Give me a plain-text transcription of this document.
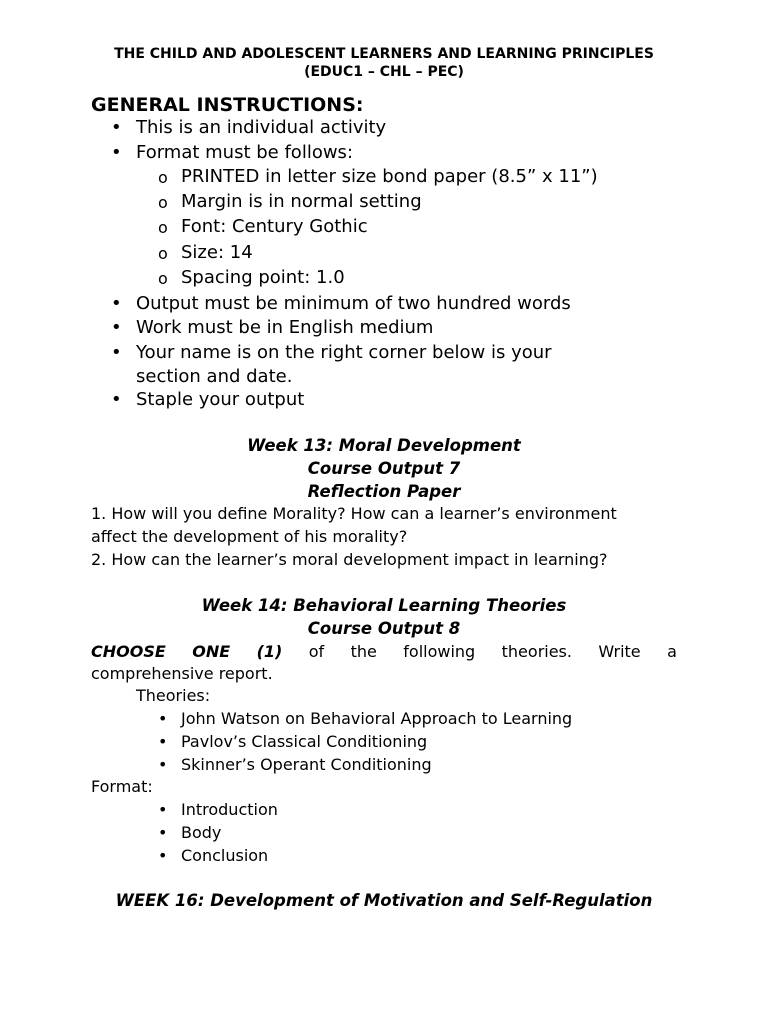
THE CHILD AND ADOLESCENT LEARNERS AND LEARNING PRINCIPLES
(EDUC1 – CHL – PEC)
GENERAL INSTRUCTIONS:
• This is an individual activity
• Format must be follows:
o PRINTED in letter size bond paper (8.5” x 11”)
o Margin is in normal setting
o Font: Century Gothic
o Size: 14
o Spacing point: 1.0
• Output must be minimum of two hundred words
• Work must be in English medium
• Your name is on the right corner below is your
section and date.
• Staple your output
Week 13: Moral Development
Course Output 7
Reflection Paper
1. How will you define Morality? How can a learner’s environment
affect the development of his morality?
2. How can the learner’s moral development impact in learning?
Week 14: Behavioral Learning Theories
Course Output 8
CHOOSE ONE (1) of the following theories. Write a
comprehensive report.
Theories:
• John Watson on Behavioral Approach to Learning
• Pavlov’s Classical Conditioning
• Skinner’s Operant Conditioning
Format:
• Introduction
• Body
• Conclusion
WEEK 16: Development of Motivation and Self-Regulation
